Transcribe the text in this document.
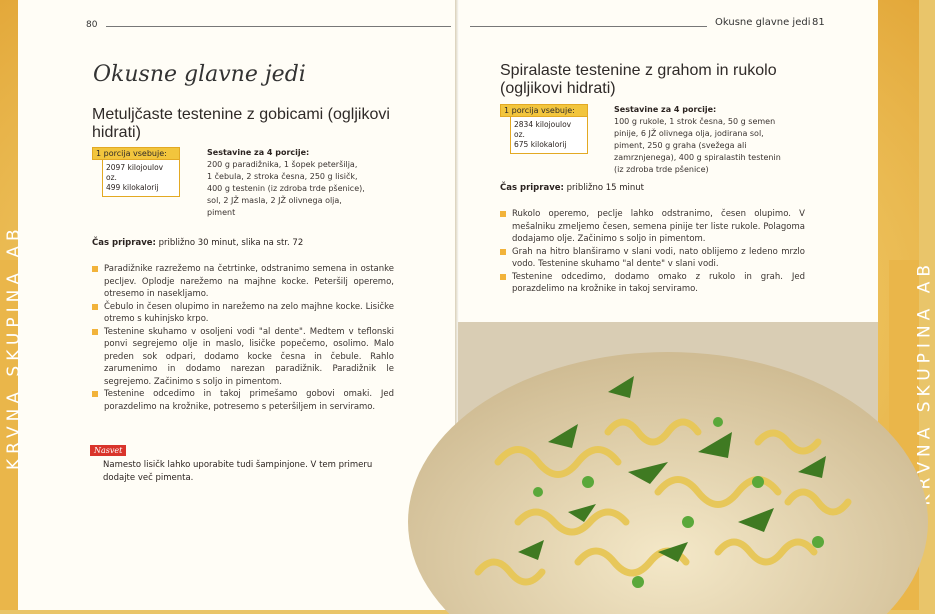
KRVNA SKUPINA AB	KRVNA SKUPINA AB
80
Okusne glavne jedi
Metuljčaste testenine z gobicami (ogljikovi hidrati)
1 porcija vsebuje:
2097 kilojoulov oz.
499 kilokalorij
Sestavine za 4 porcije:
200 g paradižnika, 1 šopek peteršilja,
1 čebula, 2 stroka česna, 250 g lisičk,
400 g testenin (iz zdroba trde pšenice),
sol, 2 JŽ masla, 2 JŽ olivnega olja,
piment
Čas priprave: približno 30 minut, slika na str. 72
Paradižnike razrežemo na četrtinke, odstranimo semena in ostanke peclјev. Oplodje narežemo na majhne kocke. Peteršilj operemo, otresemo in nasekljamo.
Čebulo in česen olupimo in narežemo na zelo majhne kocke. Lisičke otremo s kuhinjsko krpo.
Testenine skuhamo v osoljeni vodi "al dente". Medtem v teflonski ponvi segrejemo olje in maslo, lisičke popečemo, osolimo. Malo preden sok odpari, dodamo kocke česna in čebule. Rahlo zarumenimo in dodamo narezan paradižnik. Paradižnik le segrejemo. Začinimo s soljo in pimentom.
Testenine odcedimo in takoj primešamo gobovi omaki. Jed porazdelimo na krožnike, potresemo s peteršiljem in serviramo.
Nasvet
Namesto lisičk lahko uporabite tudi šampinjone. V tem primeru dodajte več pimenta.
Okusne glavne jedi 81
Spiralaste testenine z grahom in rukolo (ogljikovi hidrati)
1 porcija vsebuje:
2834 kilojoulov oz.
675 kilokalorij
Sestavine za 4 porcije:
100 g rukole, 1 strok česna, 50 g semen
pinije, 6 JŽ olivnega olja, jodirana sol,
piment, 250 g graha (svežega ali
zamrznjenega), 400 g spiralastih testenin
(iz zdroba trde pšenice)
Čas priprave: približno 15 minut
Rukolo operemo, peclje lahko odstranimo, česen olupimo. V mešalniku zmeljemo česen, semena pinije ter liste rukole. Polagoma dodajamo olje. Začinimo s soljo in pimentom.
Grah na hitro blanširamo v slani vodi, nato oblijemo z ledeno mrzlo vodo. Testenine skuhamo "al dente" v slani vodi.
Testenine odcedimo, dodamo omako z rukolo in grah. Jed porazdelimo na krožnike in takoj serviramo.
